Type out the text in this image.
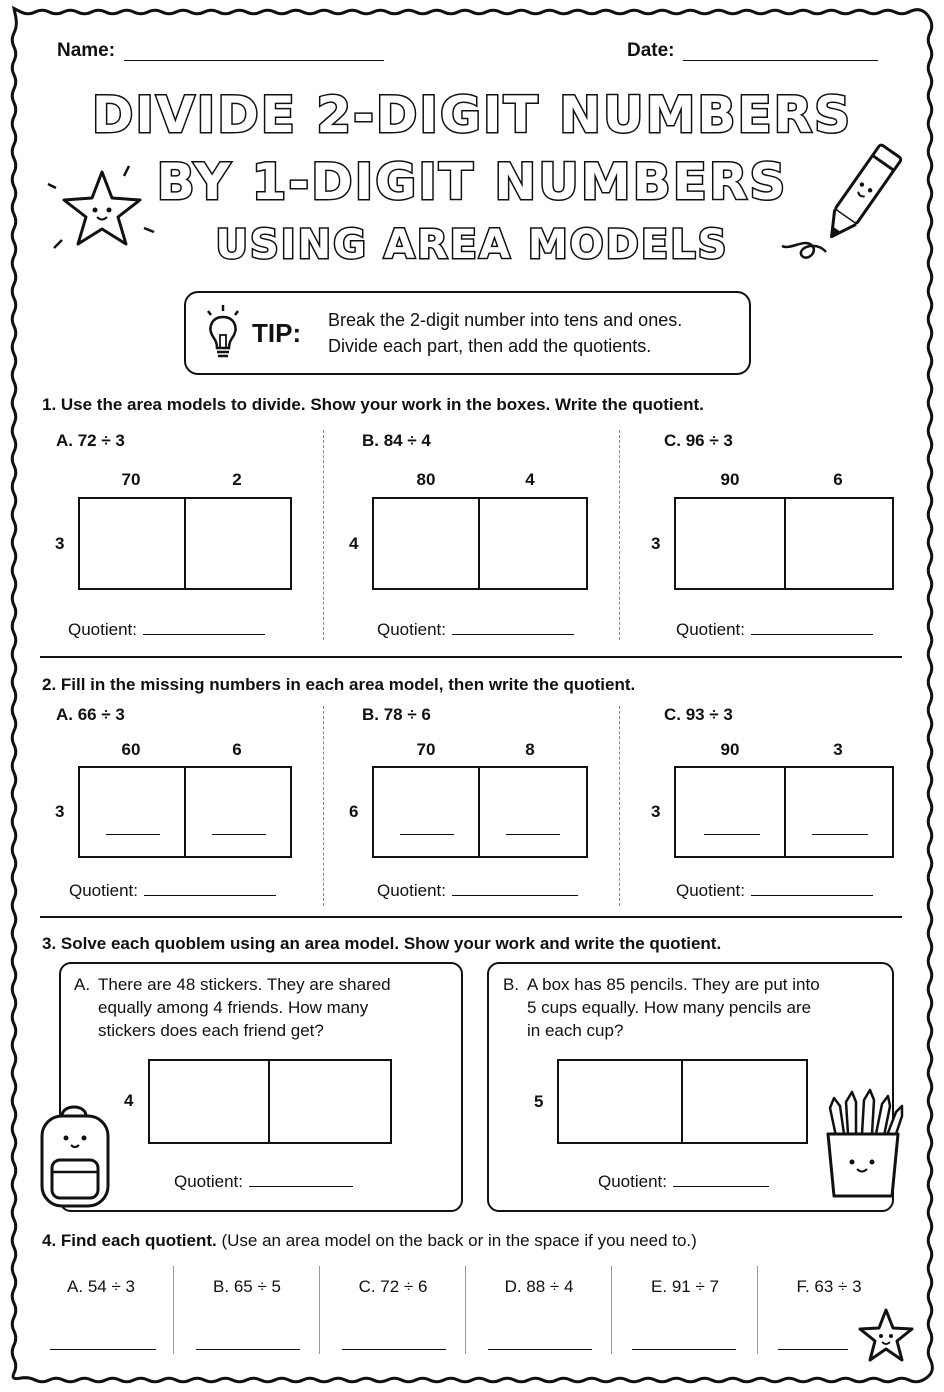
Name:	Date:
DIVIDE 2-DIGIT NUMBERS
BY 1-DIGIT NUMBERS
USING AREA MODELS
TIP: Break the 2-digit number into tens and ones.
Divide each part, then add the quotients.
1. Use the area models to divide. Show your work in the boxes. Write the quotient.
A. 72 ÷ 3
70	2
3
Quotient:
B. 84 ÷ 4
80	4
4
Quotient:
C. 96 ÷ 3
90	6
3
Quotient:
2. Fill in the missing numbers in each area model, then write the quotient.
A. 66 ÷ 3
60	6
3
Quotient:
B. 78 ÷ 6
70	8
6
Quotient:
C. 93 ÷ 3
90	3
3
Quotient:
3. Solve each quoblem using an area model. Show your work and write the quotient.
A. There are 48 stickers. They are shared
equally among 4 friends. How many
stickers does each friend get?
4
Quotient:
B. A box has 85 pencils. They are put into
5 cups equally. How many pencils are
in each cup?
5
Quotient:
4. Find each quotient. (Use an area model on the back or in the space if you need to.)
A. 54 ÷ 3	B. 65 ÷ 5	C. 72 ÷ 6	D. 88 ÷ 4	E. 91 ÷ 7	F. 63 ÷ 3
